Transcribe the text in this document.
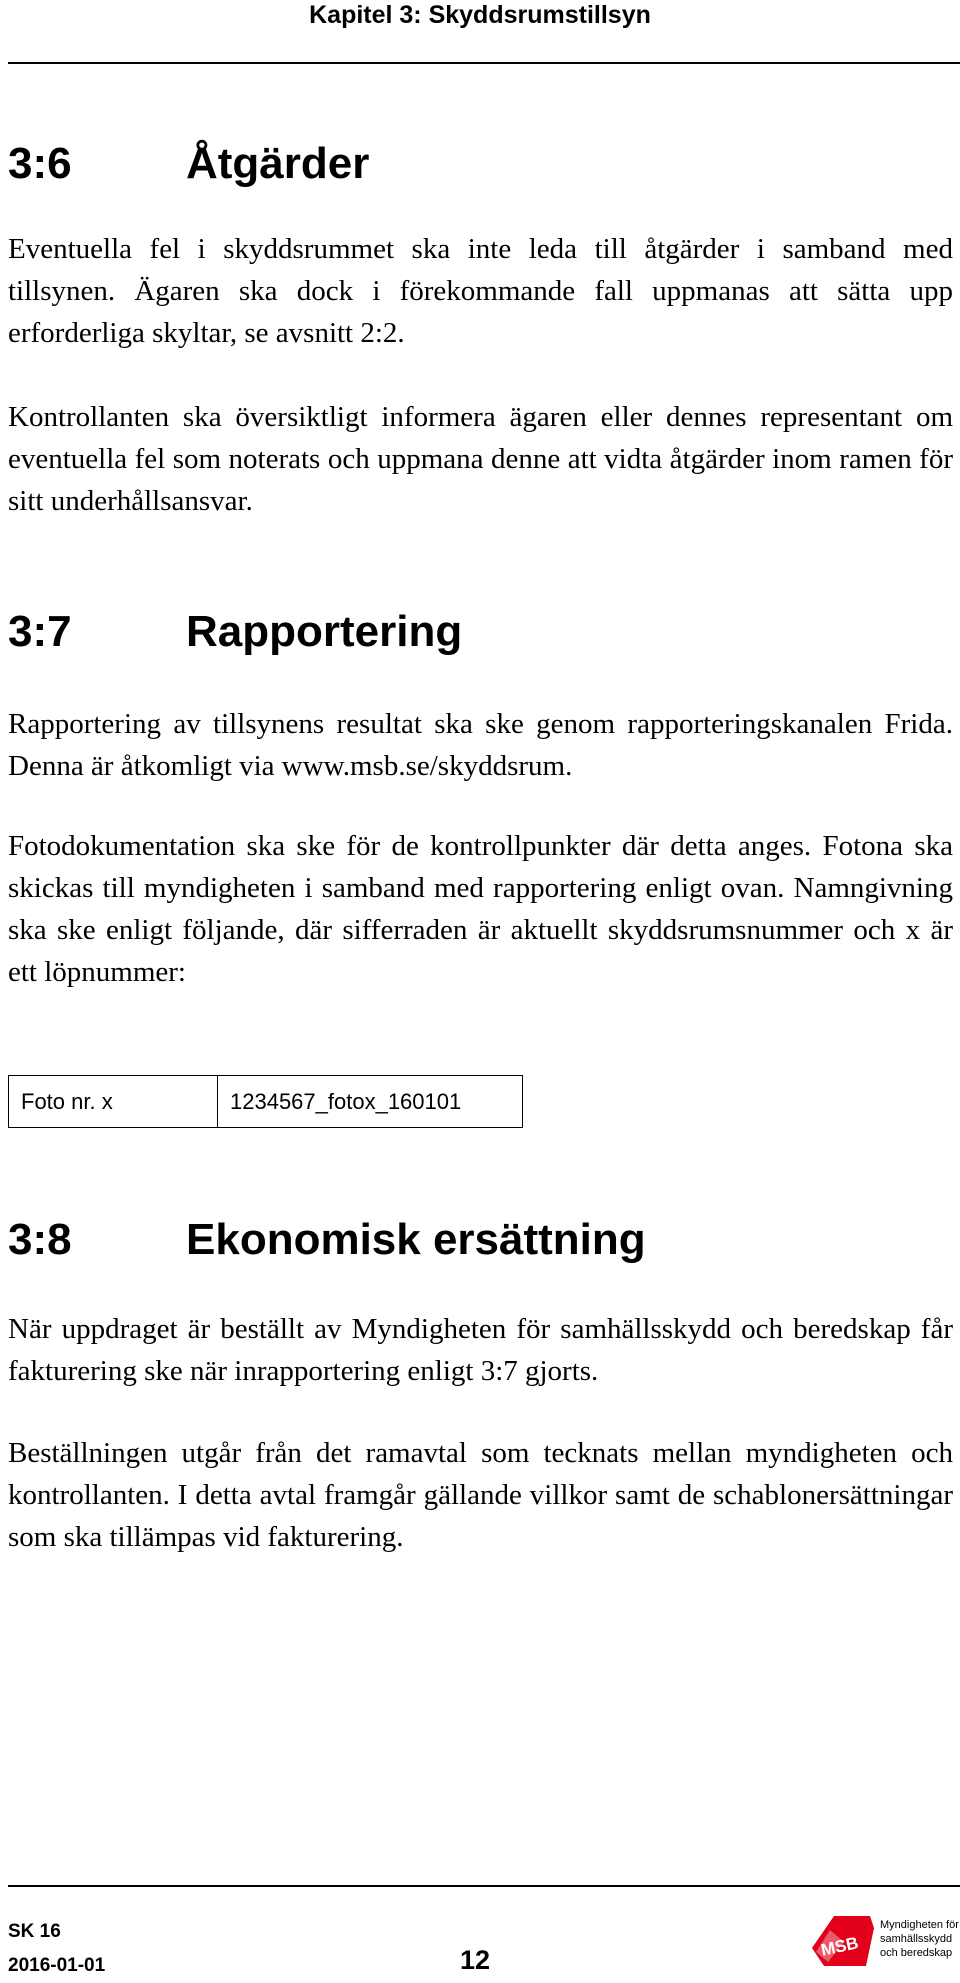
Kapitel 3: Skyddsrumstillsyn
3:6	Åtgärder

Eventuella fel i skyddsrummet ska inte leda till åtgärder i samband med tillsynen. Ägaren ska dock i förekommande fall uppmanas att sätta upp erforderliga skyltar, se avsnitt 2:2.

Kontrollanten ska översiktligt informera ägaren eller dennes representant om eventuella fel som noterats och uppmana denne att vidta åtgärder inom ramen för sitt underhållsansvar.

3:7	Rapportering

Rapportering av tillsynens resultat ska ske genom rapporteringskanalen Frida. Denna är åtkomligt via www.msb.se/skyddsrum.

Fotodokumentation ska ske för de kontrollpunkter där detta anges. Fotona ska skickas till myndigheten i samband med rapportering enligt ovan. Namngivning ska ske enligt följande, där sifferraden är aktuellt skyddsrumsnummer och x är ett löpnummer:

Foto nr. x	1234567_fotox_160101
3:8	Ekonomisk ersättning

När uppdraget är beställt av Myndigheten för samhällsskydd och beredskap får fakturering ske när inrapportering enligt 3:7 gjorts.

Beställningen utgår från det ramavtal som tecknats mellan myndigheten och kontrollanten. I detta avtal framgår gällande villkor samt de schablonersättningar som ska tillämpas vid fakturering.

SK 16
2016-01-01	12	MSB
Myndigheten för
samhällsskydd
och beredskap
